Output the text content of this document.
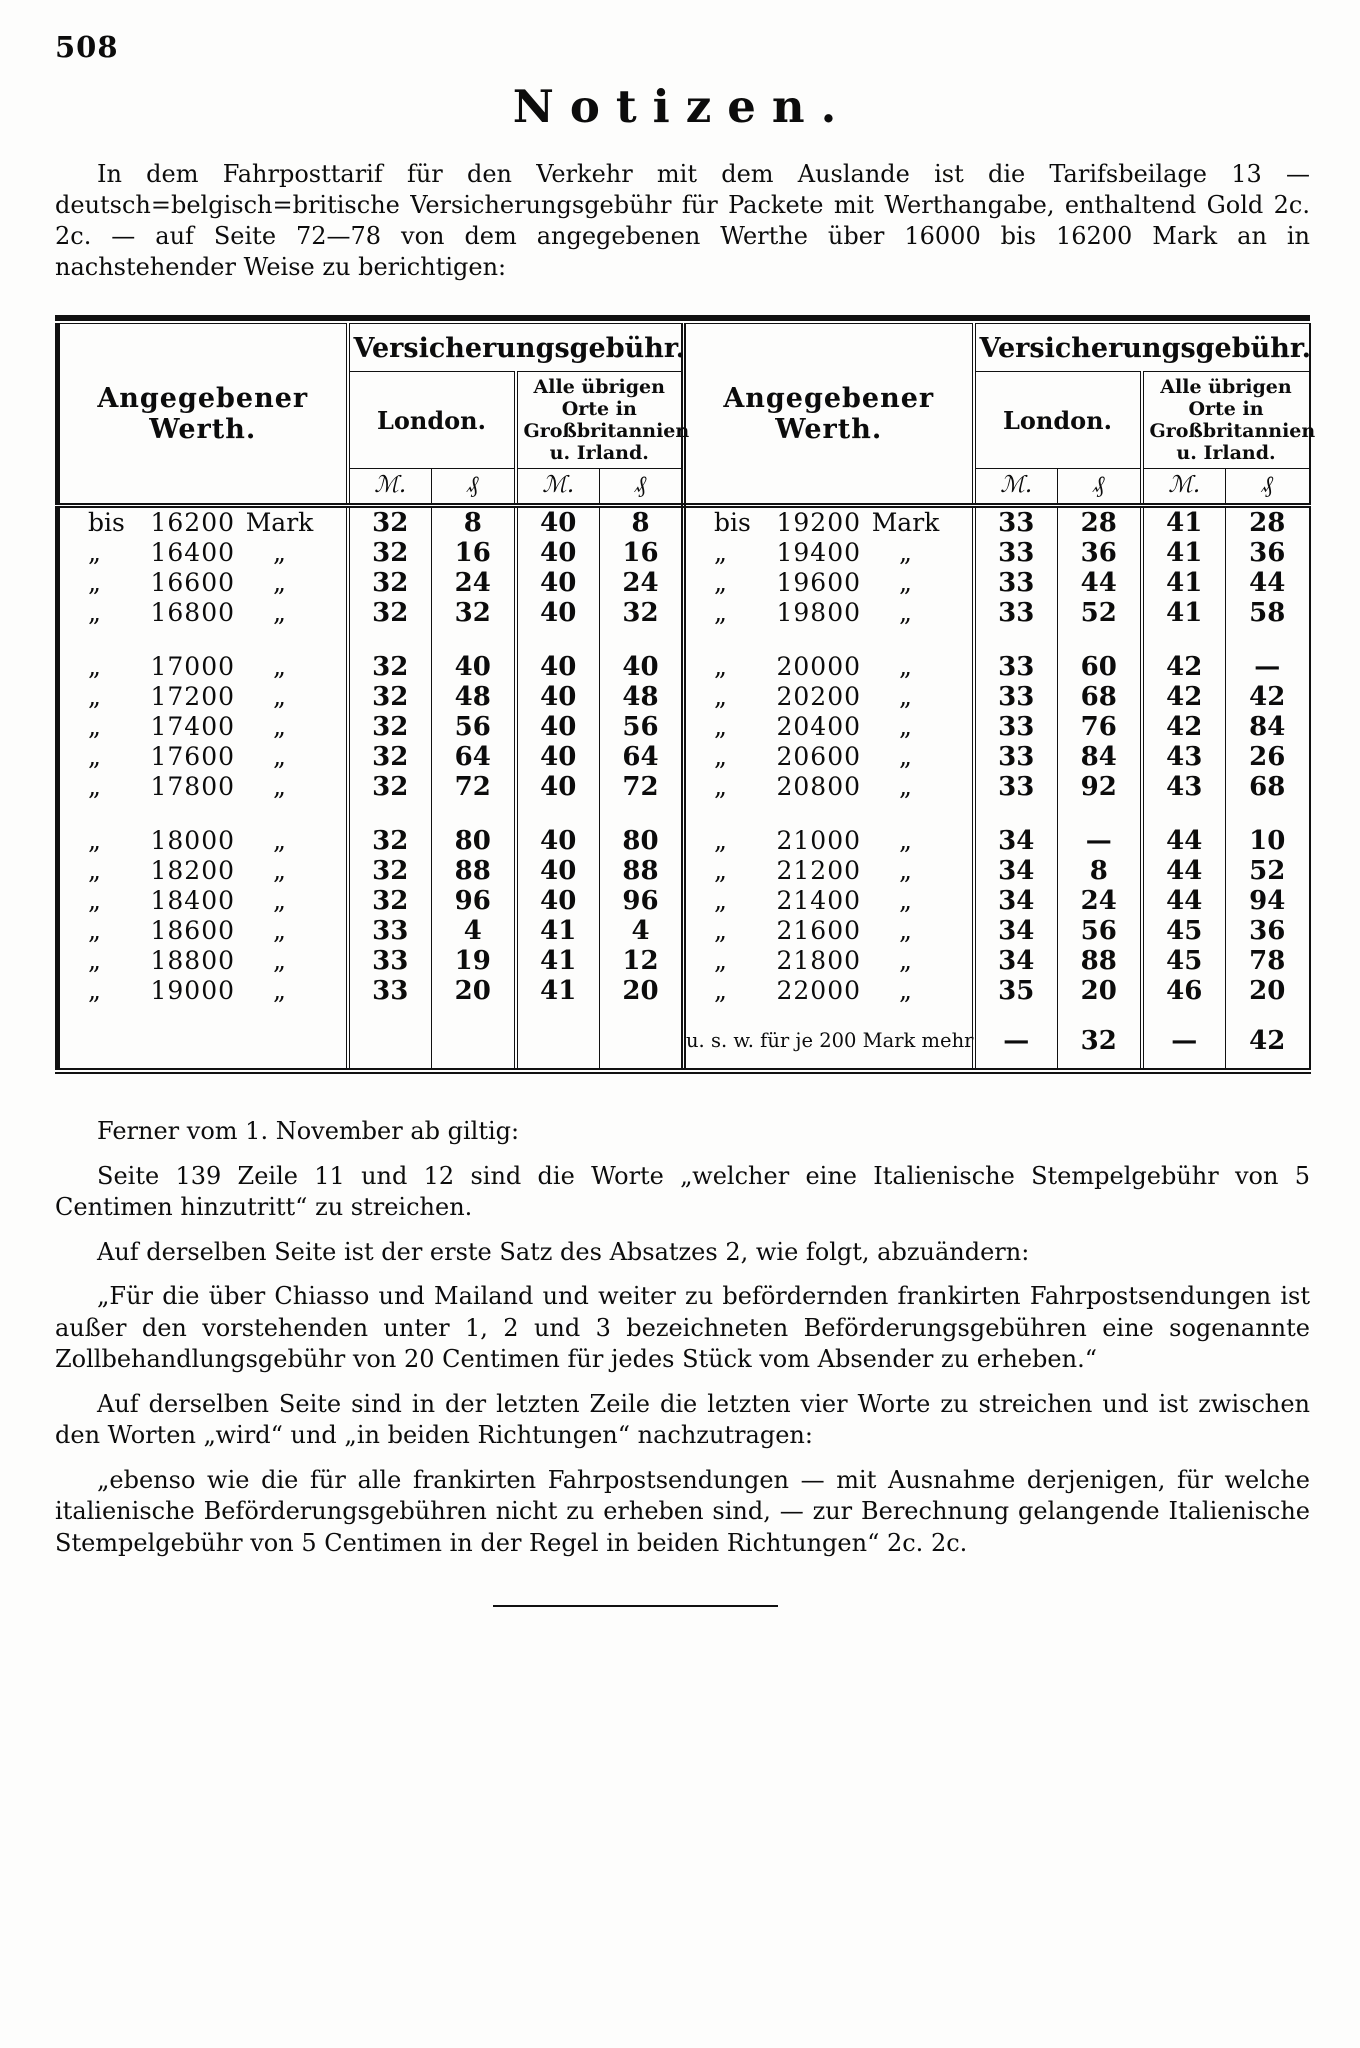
508
Notizen.

In dem Fahrposttarif für den Verkehr mit dem Auslande ist die Tarifsbeilage 13 — deutsch=belgisch=britische Versicherungsgebühr für Packete mit Werthangabe, enthaltend Gold 2c. 2c. — auf Seite 72—78 von dem angegebenen Werthe über 16000 bis 16200 Mark an in nachstehender Weise zu berichtigen:

Angegebener Werth.	Versicherungsgebühr.				Angegebener Werth.	Versicherungsgebühr.			
	London.		Alle übrigen Orte in Großbritannien u. Irland.			London.		Alle übrigen Orte in Großbritannien u. Irland.	
	ℳ.	₰	ℳ.	₰		ℳ.	₰	ℳ.	₰

bis 16200 Mark	32	8	40	8	bis 19200 Mark	33	28	41	28

„ 16400 „	32	16	40	16	„ 19400 „	33	36	41	36

„ 16600 „	32	24	40	24	„ 19600 „	33	44	41	44

„ 16800 „	32	32	40	32	„ 19800 „	33	52	41	58

„ 17000 „	32	40	40	40	„ 20000 „	33	60	42	—

„ 17200 „	32	48	40	48	„ 20200 „	33	68	42	42

„ 17400 „	32	56	40	56	„ 20400 „	33	76	42	84

„ 17600 „	32	64	40	64	„ 20600 „	33	84	43	26

„ 17800 „	32	72	40	72	„ 20800 „	33	92	43	68

„ 18000 „	32	80	40	80	„ 21000 „	34	—	44	10

„ 18200 „	32	88	40	88	„ 21200 „	34	8	44	52

„ 18400 „	32	96	40	96	„ 21400 „	34	24	44	94

„ 18600 „	33	4	41	4	„ 21600 „	34	56	45	36

„ 18800 „	33	19	41	12	„ 21800 „	34	88	45	78

„ 19000 „	33	20	41	20	„ 22000 „	35	20	46	20
					u. s. w. für je 200 Mark mehr	—	32	—	42

Ferner vom 1. November ab giltig:

Seite 139 Zeile 11 und 12 sind die Worte „welcher eine Italienische Stempelgebühr von 5 Centimen hinzutritt“ zu streichen.

Auf derselben Seite ist der erste Satz des Absatzes 2, wie folgt, abzuändern:

„Für die über Chiasso und Mailand und weiter zu befördernden frankirten Fahrpostsendungen ist außer den vorstehenden unter 1, 2 und 3 bezeichneten Beförderungsgebühren eine sogenannte Zollbehandlungsgebühr von 20 Centimen für jedes Stück vom Absender zu erheben.“

Auf derselben Seite sind in der letzten Zeile die letzten vier Worte zu streichen und ist zwischen den Worten „wird“ und „in beiden Richtungen“ nachzutragen:

„ebenso wie die für alle frankirten Fahrpostsendungen — mit Ausnahme derjenigen, für welche italienische Beförderungsgebühren nicht zu erheben sind, — zur Berechnung gelangende Italienische Stempelgebühr von 5 Centimen in der Regel in beiden Richtungen“ 2c. 2c.
